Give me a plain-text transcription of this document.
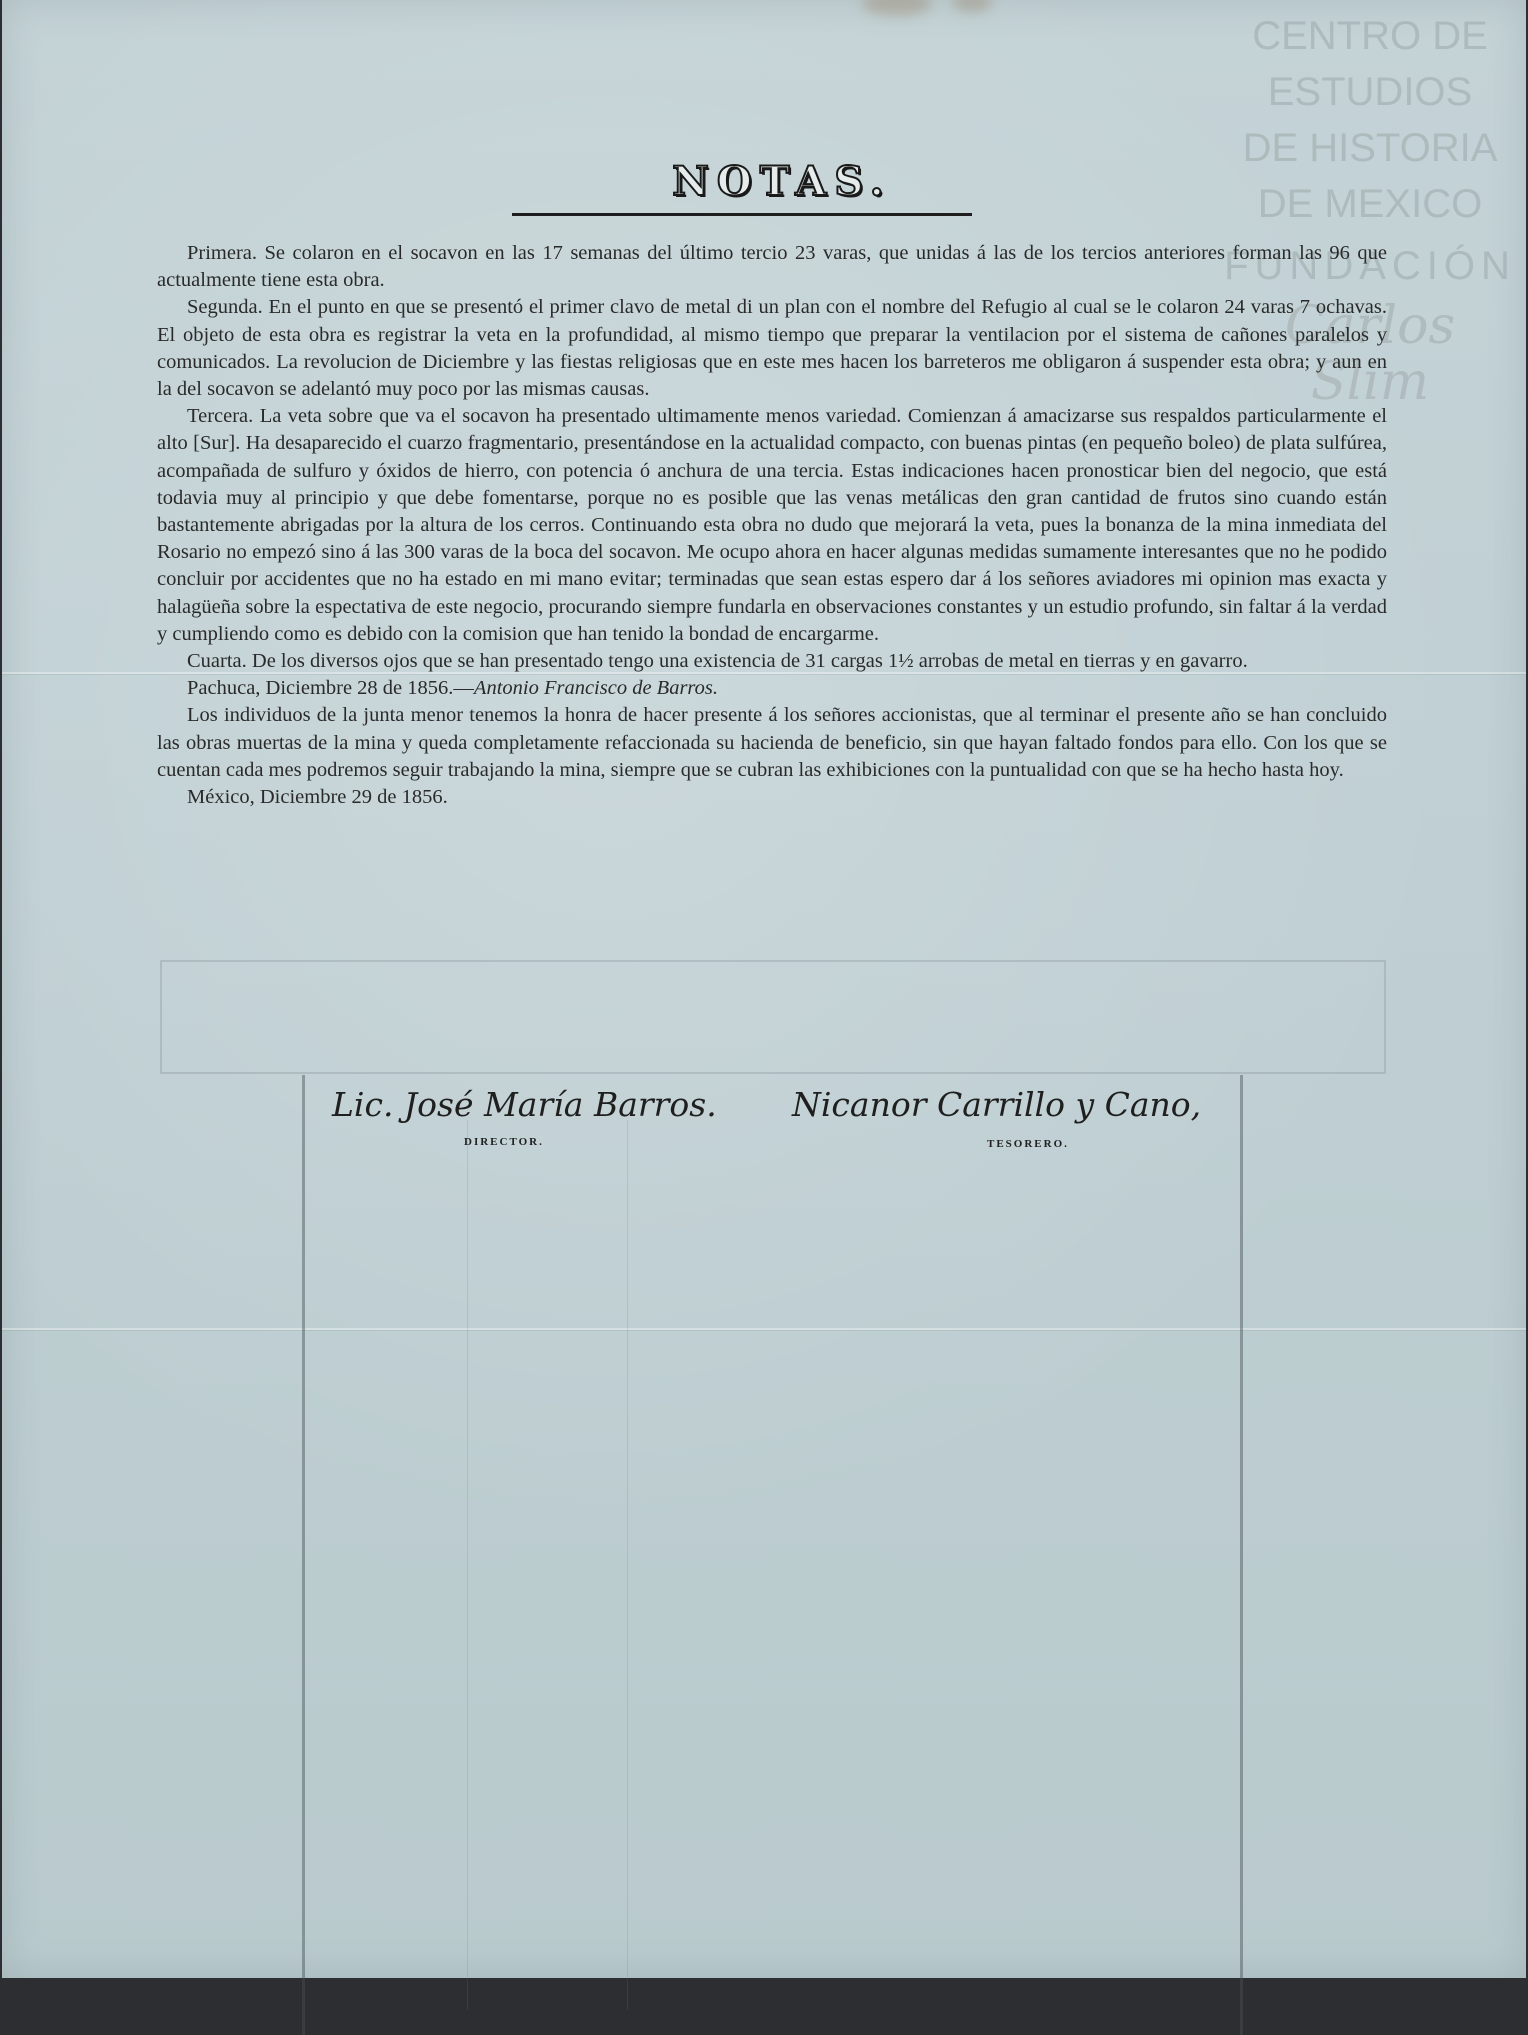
CENTRO DE
ESTUDIOS
DE HISTORIA
DE MEXICO
FUNDACIÓN
Carlos Slim
NOTAS.

Primera. Se colaron en el socavon en las 17 semanas del último tercio 23 varas, que unidas á las de los tercios anteriores forman las 96 que actualmente tiene esta obra.

Segunda. En el punto en que se presentó el primer clavo de metal di un plan con el nombre del Refugio al cual se le colaron 24 varas 7 ochavas. El objeto de esta obra es registrar la veta en la profundidad, al mismo tiempo que preparar la ventilacion por el sistema de cañones paralelos y comunicados. La revolucion de Diciembre y las fiestas religiosas que en este mes hacen los barreteros me obligaron á suspender esta obra; y aun en la del socavon se adelantó muy poco por las mismas causas.

Tercera. La veta sobre que va el socavon ha presentado ultimamente menos variedad. Comienzan á amacizarse sus respaldos particularmente el alto [Sur]. Ha desaparecido el cuarzo fragmentario, presentándose en la actualidad compacto, con buenas pintas (en pequeño boleo) de plata sulfúrea, acompañada de sulfuro y óxidos de hierro, con potencia ó anchura de una tercia. Estas indicaciones hacen pronosticar bien del negocio, que está todavia muy al principio y que debe fomentarse, porque no es posible que las venas metálicas den gran cantidad de frutos sino cuando están bastantemente abrigadas por la altura de los cerros. Continuando esta obra no dudo que mejorará la veta, pues la bonanza de la mina inmediata del Rosario no empezó sino á las 300 varas de la boca del socavon. Me ocupo ahora en hacer algunas medidas sumamente interesantes que no he podido concluir por accidentes que no ha estado en mi mano evitar; terminadas que sean estas espero dar á los señores aviadores mi opinion mas exacta y halagüeña sobre la espectativa de este negocio, procurando siempre fundarla en observaciones constantes y un estudio profundo, sin faltar á la verdad y cumpliendo como es debido con la comision que han tenido la bondad de encargarme.

Cuarta. De los diversos ojos que se han presentado tengo una existencia de 31 cargas 1½ arrobas de metal en tierras y en gavarro.

Pachuca, Diciembre 28 de 1856.—Antonio Francisco de Barros.

Los individuos de la junta menor tenemos la honra de hacer presente á los señores accionistas, que al terminar el presente año se han concluido las obras muertas de la mina y queda completamente refaccionada su hacienda de beneficio, sin que hayan faltado fondos para ello. Con los que se cuentan cada mes podremos seguir trabajando la mina, siempre que se cubran las exhibiciones con la puntualidad con que se ha hecho hasta hoy.

México, Diciembre 29 de 1856.

Lic. José María Barros.
DIRECTOR.
Nicanor Carrillo y Cano,
TESORERO.
